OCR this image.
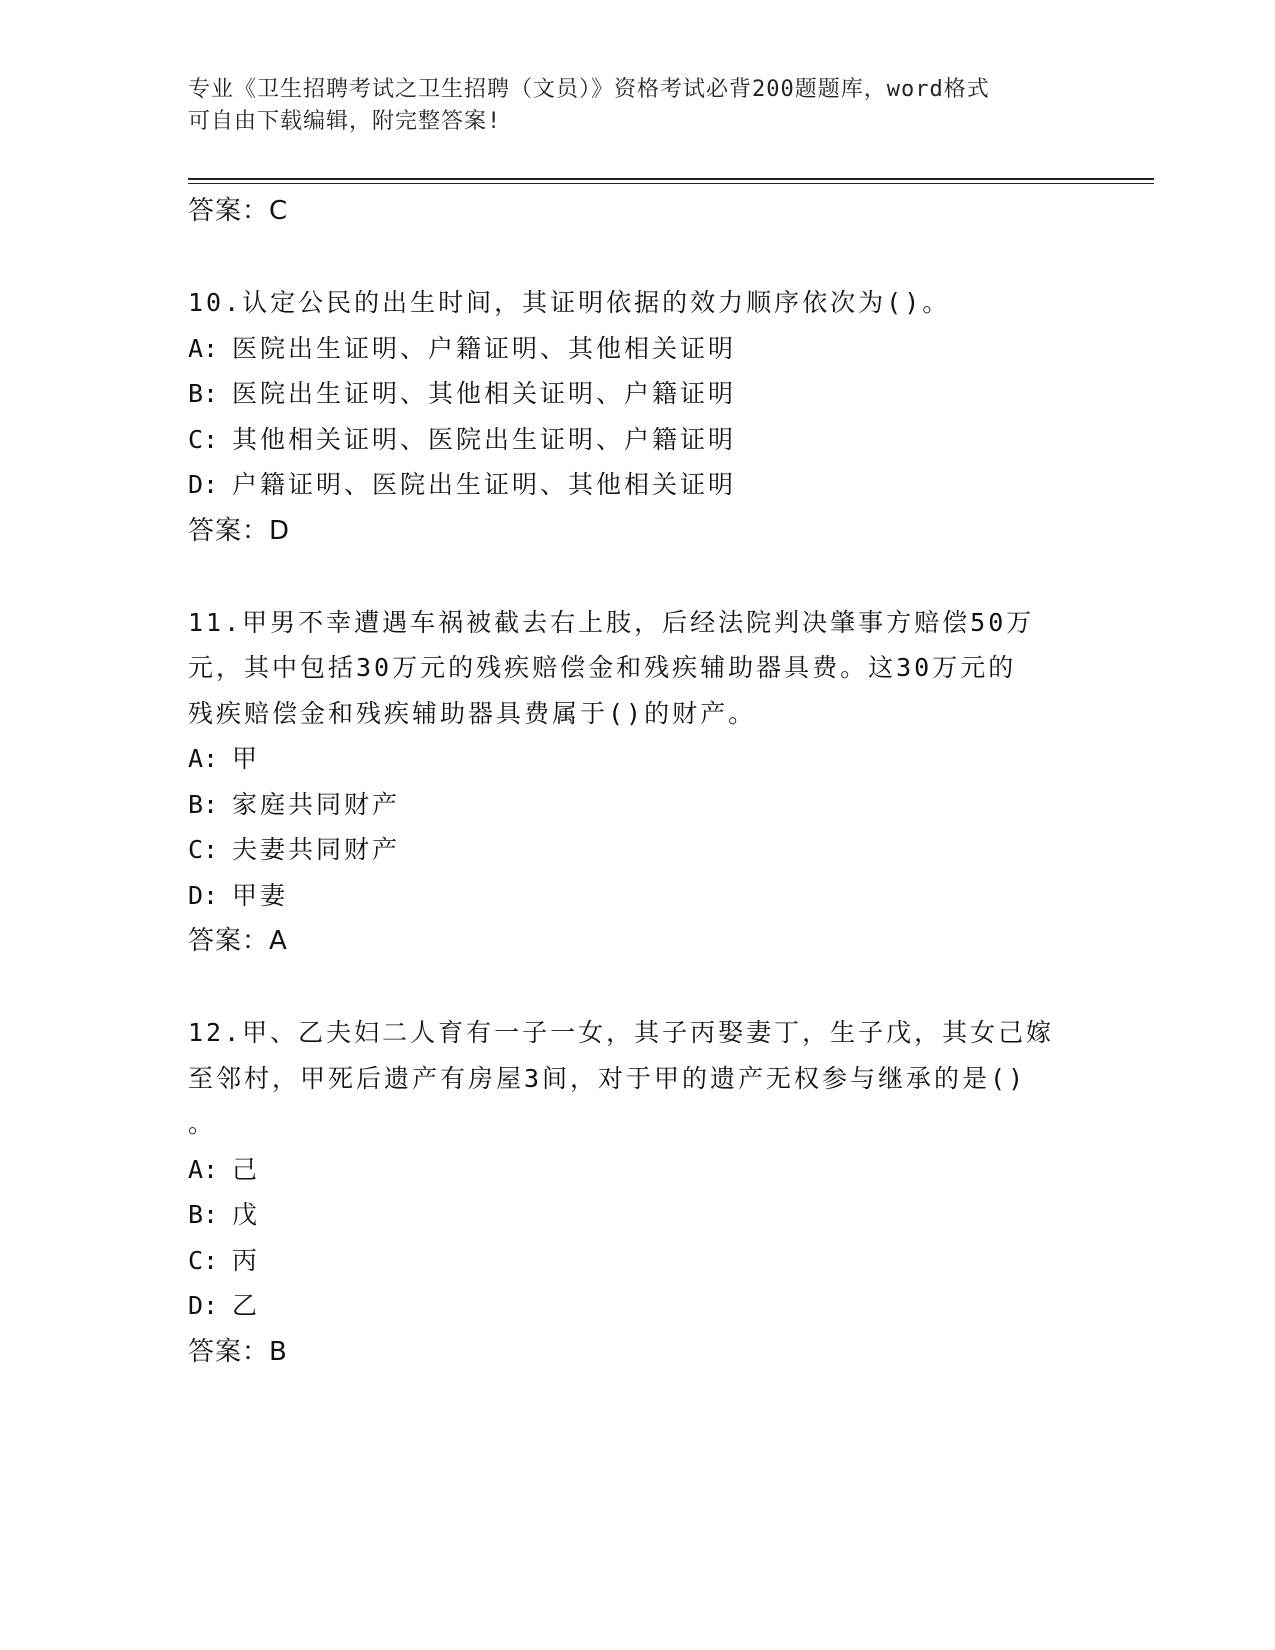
专业《卫生招聘考试之卫生招聘（文员）》资格考试必背200题题库，word格式
可自由下载编辑，附完整答案!
答案：C
10.认定公民的出生时间，其证明依据的效力顺序依次为()。
A: 医院出生证明、户籍证明、其他相关证明
B: 医院出生证明、其他相关证明、户籍证明
C: 其他相关证明、医院出生证明、户籍证明
D: 户籍证明、医院出生证明、其他相关证明
答案：D
11.甲男不幸遭遇车祸被截去右上肢，后经法院判决肇事方赔偿50万
元，其中包括30万元的残疾赔偿金和残疾辅助器具费。这30万元的
残疾赔偿金和残疾辅助器具费属于()的财产。
A: 甲
B: 家庭共同财产
C: 夫妻共同财产
D: 甲妻
答案：A
12.甲、乙夫妇二人育有一子一女，其子丙娶妻丁，生子戊，其女己嫁
至邻村，甲死后遗产有房屋3间，对于甲的遗产无权参与继承的是()
。
A: 己
B: 戊
C: 丙
D: 乙
答案：B
